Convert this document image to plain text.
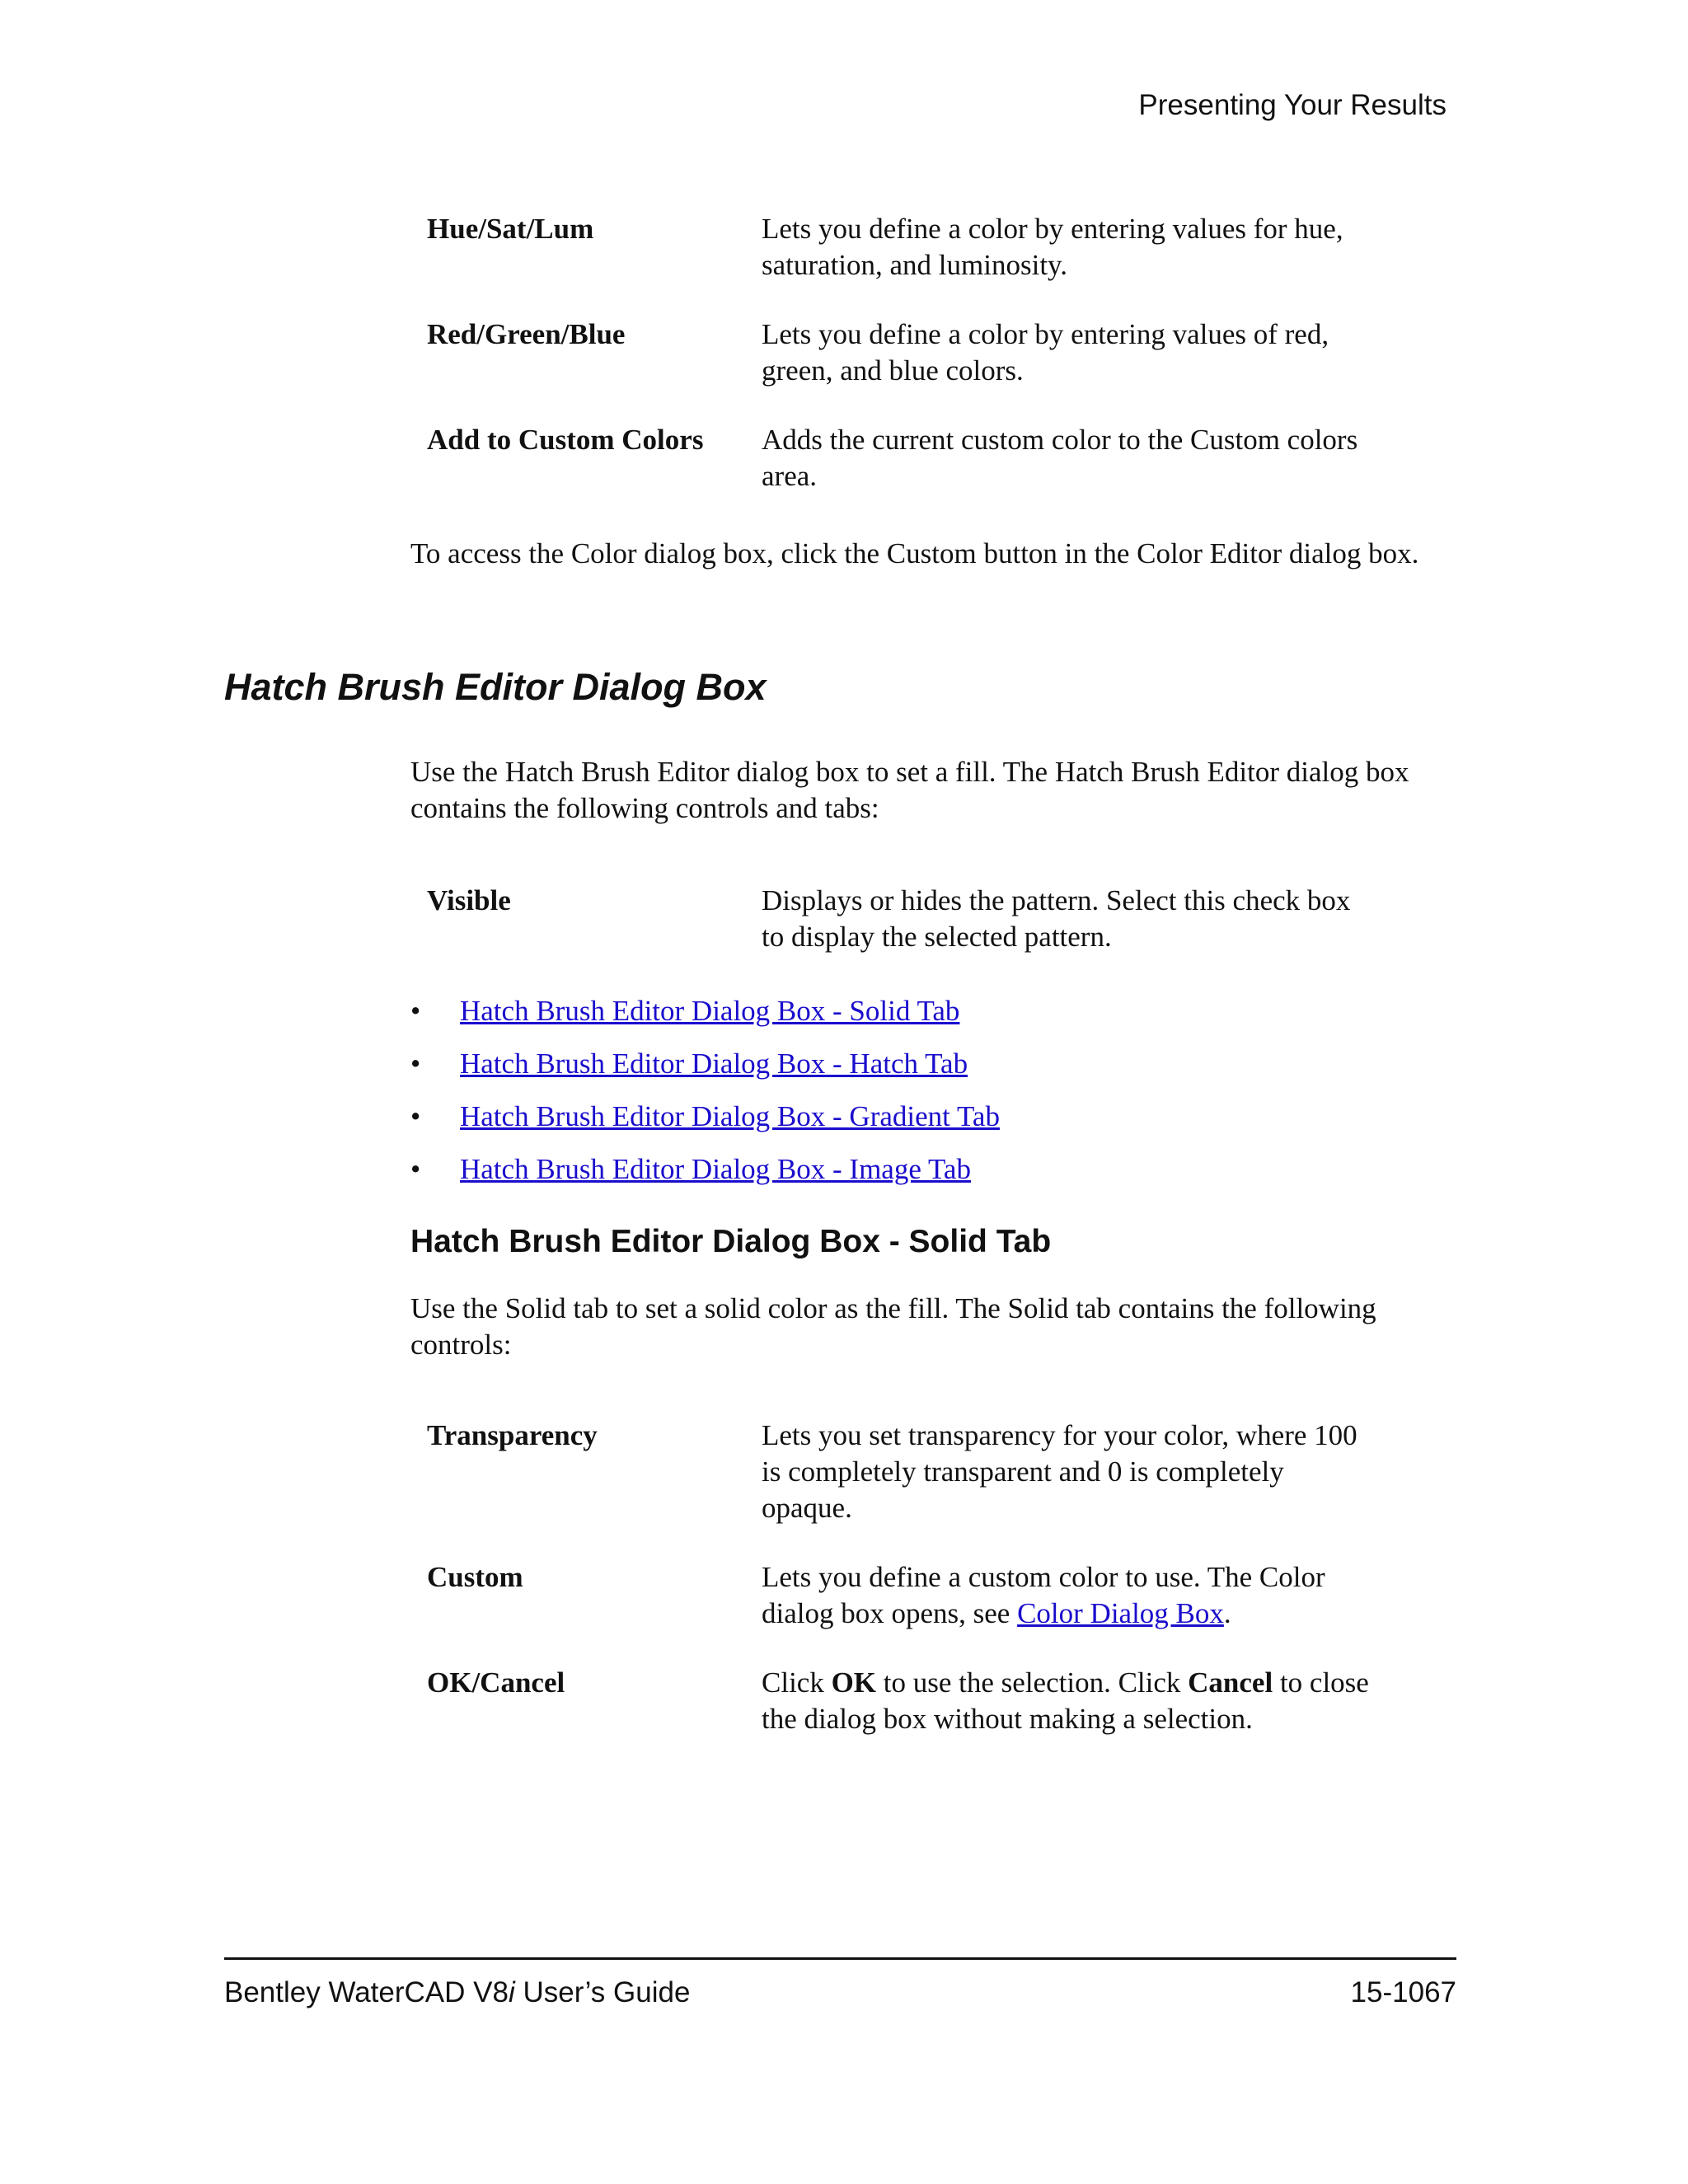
Presenting Your Results
Hue/Sat/Lum	Lets you define a color by entering values for hue, saturation, and luminosity.
Red/Green/Blue	Lets you define a color by entering values of red, green, and blue colors.
Add to Custom Colors	Adds the current custom color to the Custom colors area.
To access the Color dialog box, click the Custom button in the Color Editor dialog box.
Hatch Brush Editor Dialog Box
Use the Hatch Brush Editor dialog box to set a fill. The Hatch Brush Editor dialog box contains the following controls and tabs:
Visible	Displays or hides the pattern. Select this check box to display the selected pattern.
•	Hatch Brush Editor Dialog Box - Solid Tab
•	Hatch Brush Editor Dialog Box - Hatch Tab
•	Hatch Brush Editor Dialog Box - Gradient Tab
•	Hatch Brush Editor Dialog Box - Image Tab
Hatch Brush Editor Dialog Box - Solid Tab
Use the Solid tab to set a solid color as the fill. The Solid tab contains the following controls:
Transparency	Lets you set transparency for your color, where 100 is completely transparent and 0 is completely opaque.
Custom	Lets you define a custom color to use. The Color dialog box opens, see Color Dialog Box.
OK/Cancel	Click OK to use the selection. Click Cancel to close the dialog box without making a selection.
Bentley WaterCAD V8i User’s Guide	15-1067
